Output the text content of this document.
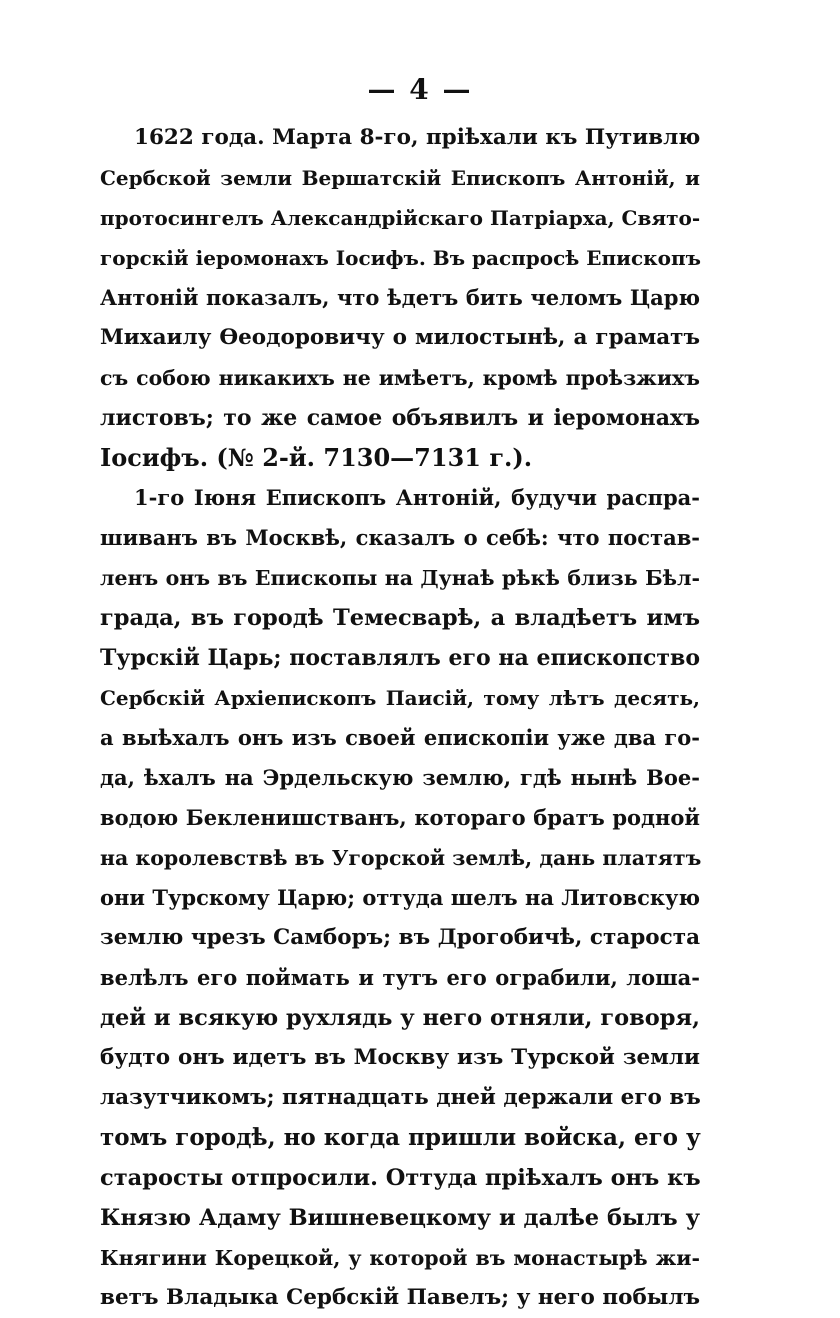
— 4 —
1622 года. Марта 8-го, прiѣхали къ Путивлю
Сербской земли Вершатскiй Епископъ Антонiй, и
протосингелъ Александрiйскаго Патрiарха, Свято-
горскiй iеромонахъ Iосифъ. Въ распросѣ Епископъ
Антонiй показалъ, что ѣдетъ бить челомъ Царю
Михаилу Ѳеодоровичу о милостынѣ, а граматъ
съ собою никакихъ не имѣетъ, кромѣ проѣзжихъ
листовъ; то же самое объявилъ и iеромонахъ
Iосифъ. (№ 2-й. 7130—7131 г.).
1-го Iюня Епископъ Антонiй, будучи распра-
шиванъ въ Москвѣ, сказалъ о себѣ: что постав-
ленъ онъ въ Епископы на Дунаѣ рѣкѣ близь Бѣл-
града, въ городѣ Темесварѣ, а владѣетъ имъ
Турскiй Царь; поставлялъ его на епископство
Сербскiй Архiепископъ Паисiй, тому лѣтъ десять,
а выѣхалъ онъ изъ своей епископiи уже два го-
да, ѣхалъ на Эрдельскую землю, гдѣ нынѣ Вое-
водою Бекленишстванъ, котораго братъ родной
на королевствѣ въ Угорской землѣ, дань платятъ
они Турскому Царю; оттуда шелъ на Литовскую
землю чрезъ Самборъ; въ Дрогобичѣ, староста
велѣлъ его поймать и тутъ его ограбили, лоша-
дей и всякую рухлядь у него отняли, говоря,
будто онъ идетъ въ Москву изъ Турской земли
лазутчикомъ; пятнадцать дней держали его въ
томъ городѣ, но когда пришли войска, его у
старосты отпросили. Оттуда прiѣхалъ онъ къ
Князю Адаму Вишневецкому и далѣе былъ у
Княгини Корецкой, у которой въ монастырѣ жи-
ветъ Владыка Сербскiй Павелъ; у него побылъ
